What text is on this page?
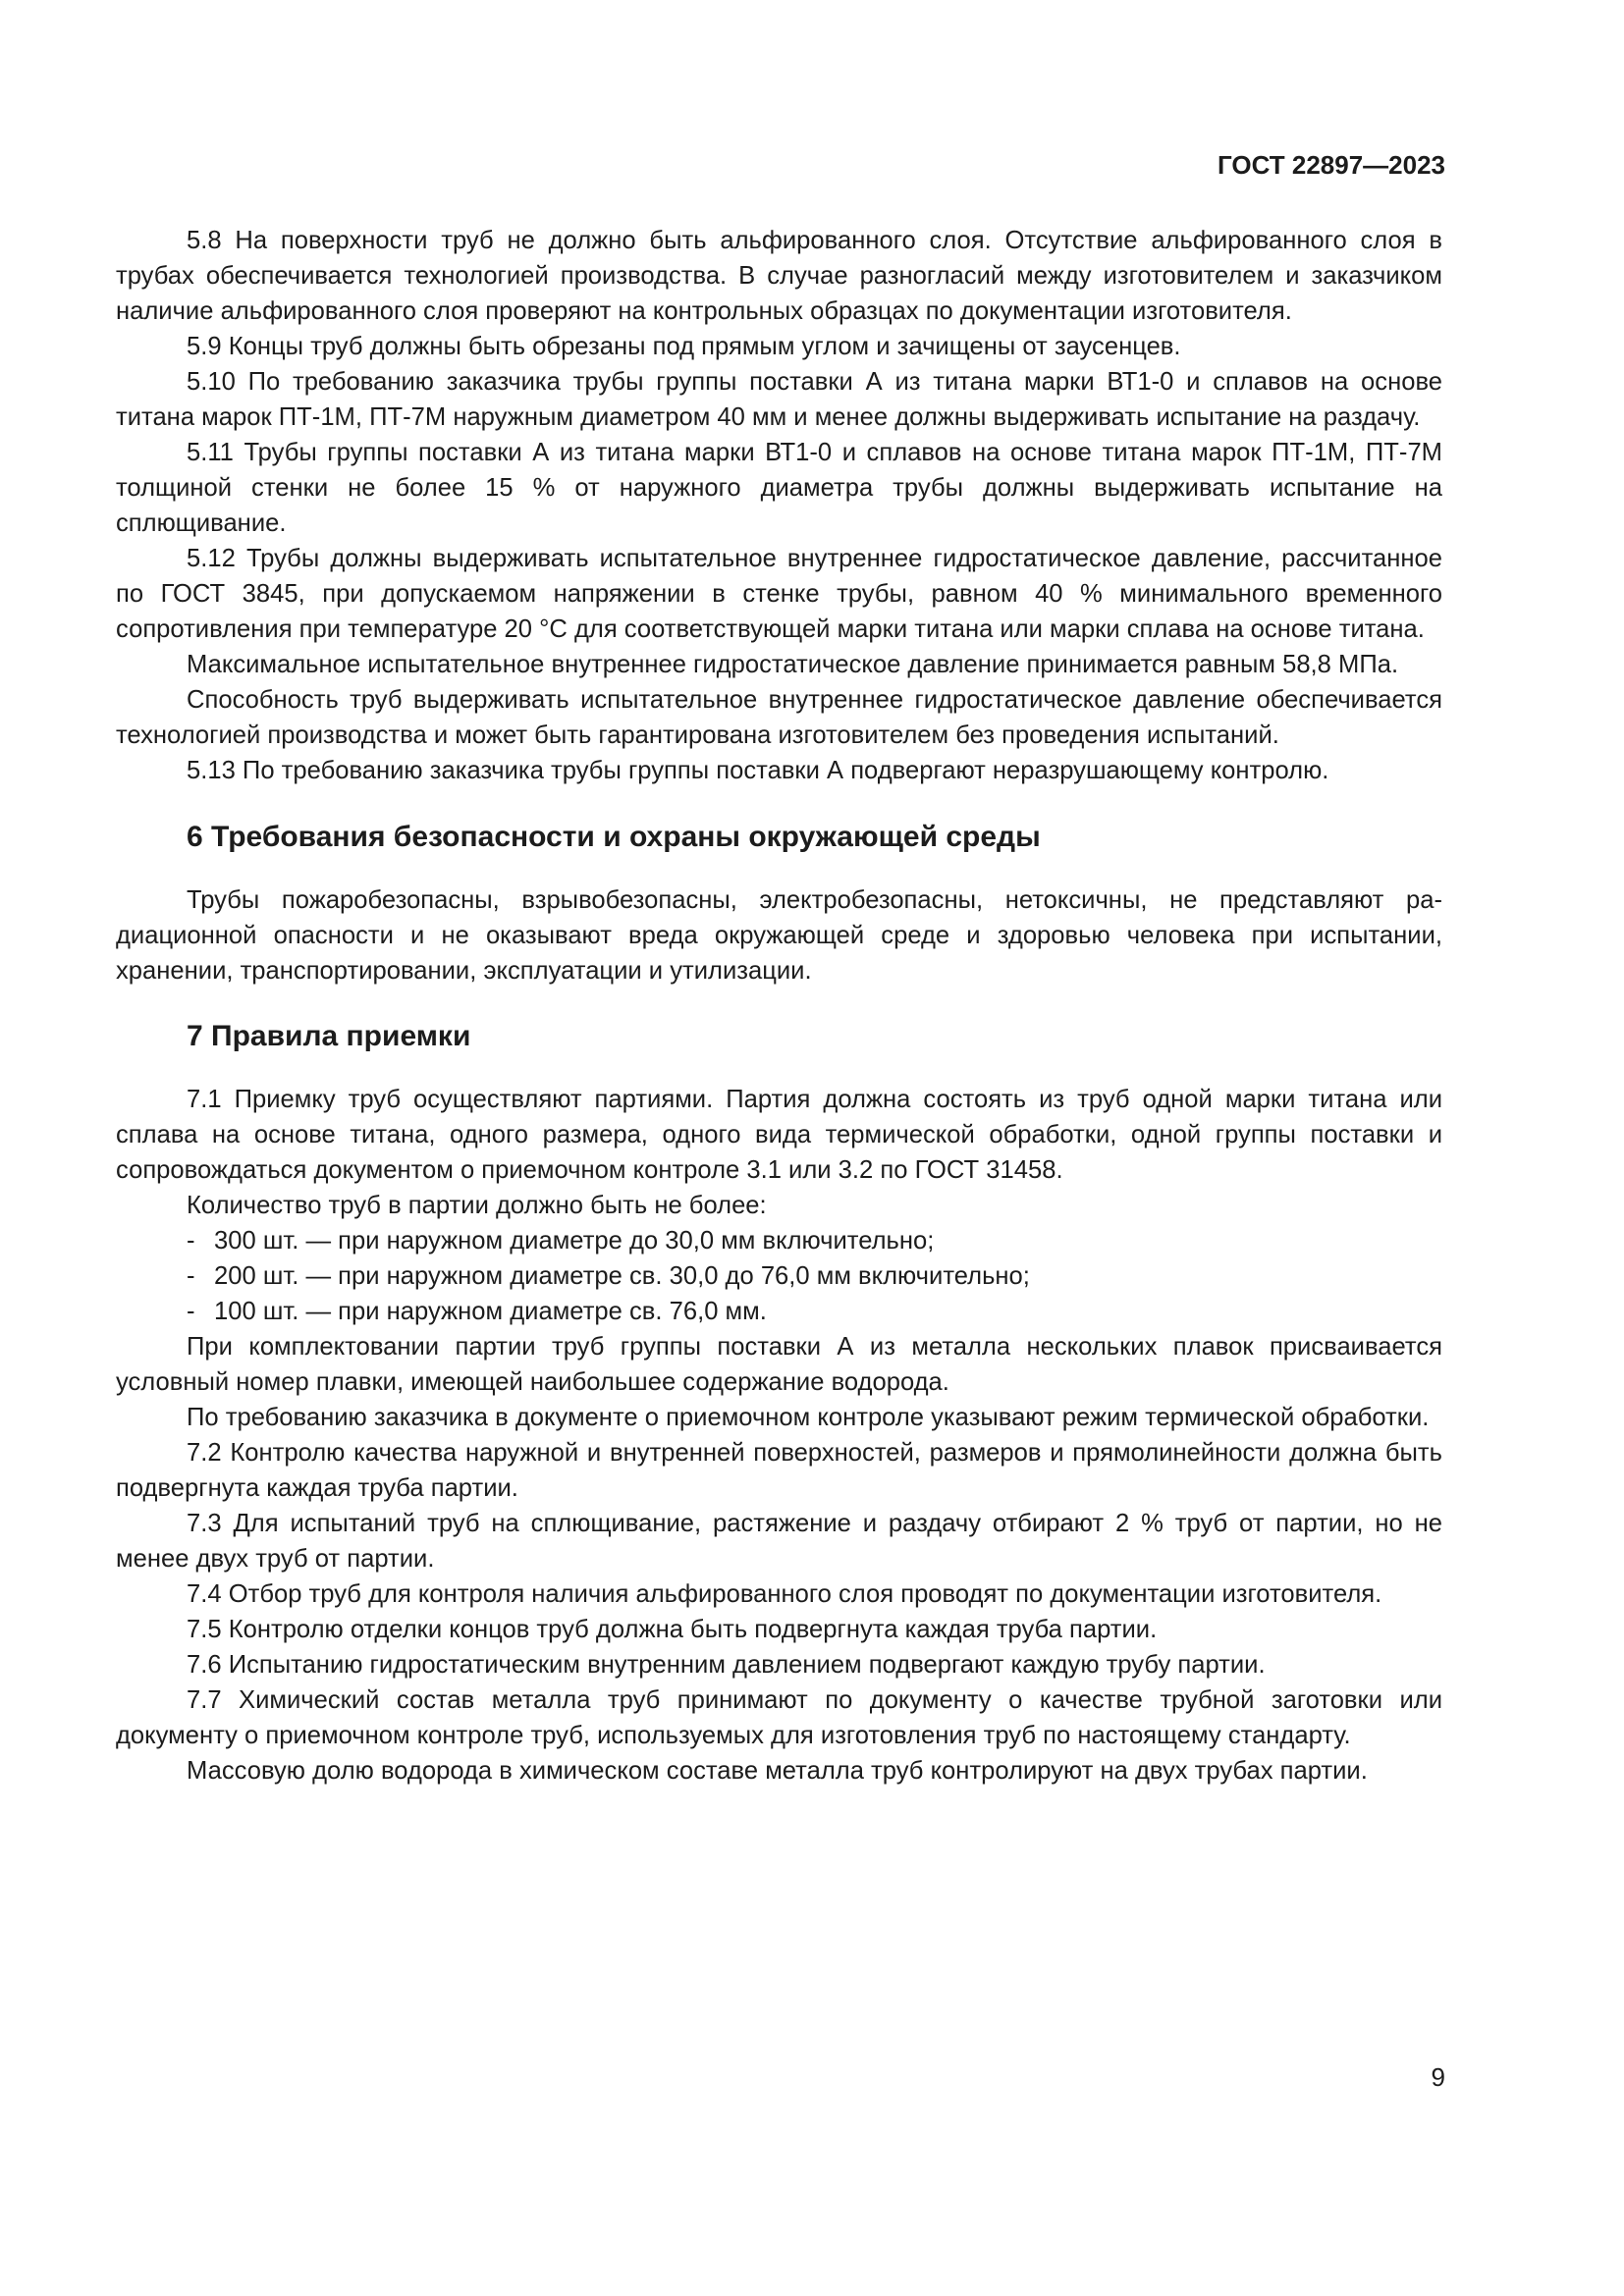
ГОСТ 22897—2023

5.8 На поверхности труб не должно быть альфированного слоя. Отсутствие альфированного слоя в трубах обеспечивается технологией производства. В случае разногласий между изготовителем и заказчиком наличие альфированного слоя проверяют на контрольных образцах по документации изготовителя.

5.9 Концы труб должны быть обрезаны под прямым углом и зачищены от заусенцев.

5.10 По требованию заказчика трубы группы поставки А из титана марки ВТ1-0 и сплавов на основе титана марок ПТ-1М, ПТ-7М наружным диаметром 40 мм и менее должны выдерживать испытание на раздачу.

5.11 Трубы группы поставки А из титана марки ВТ1-0 и сплавов на основе титана марок ПТ-1М, ПТ-7М толщиной стенки не более 15 % от наружного диаметра трубы должны выдерживать испытание на сплющивание.

5.12 Трубы должны выдерживать испытательное внутреннее гидростатическое давление, рассчитанное по ГОСТ 3845, при допускаемом напряжении в стенке трубы, равном 40 % минимального временного сопротивления при температуре 20 °С для соответствующей марки титана или марки сплава на основе титана.

Максимальное испытательное внутреннее гидростатическое давление принимается равным 58,8 МПа.

Способность труб выдерживать испытательное внутреннее гидростатическое давление обеспечивается технологией производства и может быть гарантирована изготовителем без проведения испытаний.

5.13 По требованию заказчика трубы группы поставки А подвергают неразрушающему контролю.

6 Требования безопасности и охраны окружающей среды

Трубы пожаробезопасны, взрывобезопасны, электробезопасны, нетоксичны, не представляют радиационной опасности и не оказывают вреда окружающей среде и здоровью человека при испытании, хранении, транспортировании, эксплуатации и утилизации.

7 Правила приемки

7.1 Приемку труб осуществляют партиями. Партия должна состоять из труб одной марки титана или сплава на основе титана, одного размера, одного вида термической обработки, одной группы поставки и сопровождаться документом о приемочном контроле 3.1 или 3.2 по ГОСТ 31458.

Количество труб в партии должно быть не более:

- 300 шт. — при наружном диаметре до 30,0 мм включительно;
- 200 шт. — при наружном диаметре св. 30,0 до 76,0 мм включительно;
- 100 шт. — при наружном диаметре св. 76,0 мм.

При комплектовании партии труб группы поставки А из металла нескольких плавок присваивается условный номер плавки, имеющей наибольшее содержание водорода.

По требованию заказчика в документе о приемочном контроле указывают режим термической обработки.

7.2 Контролю качества наружной и внутренней поверхностей, размеров и прямолинейности должна быть подвергнута каждая труба партии.

7.3 Для испытаний труб на сплющивание, растяжение и раздачу отбирают 2 % труб от партии, но не менее двух труб от партии.

7.4 Отбор труб для контроля наличия альфированного слоя проводят по документации изготовителя.

7.5 Контролю отделки концов труб должна быть подвергнута каждая труба партии.

7.6 Испытанию гидростатическим внутренним давлением подвергают каждую трубу партии.

7.7 Химический состав металла труб принимают по документу о качестве трубной заготовки или документу о приемочном контроле труб, используемых для изготовления труб по настоящему стандарту.

Массовую долю водорода в химическом составе металла труб контролируют на двух трубах партии.

9
